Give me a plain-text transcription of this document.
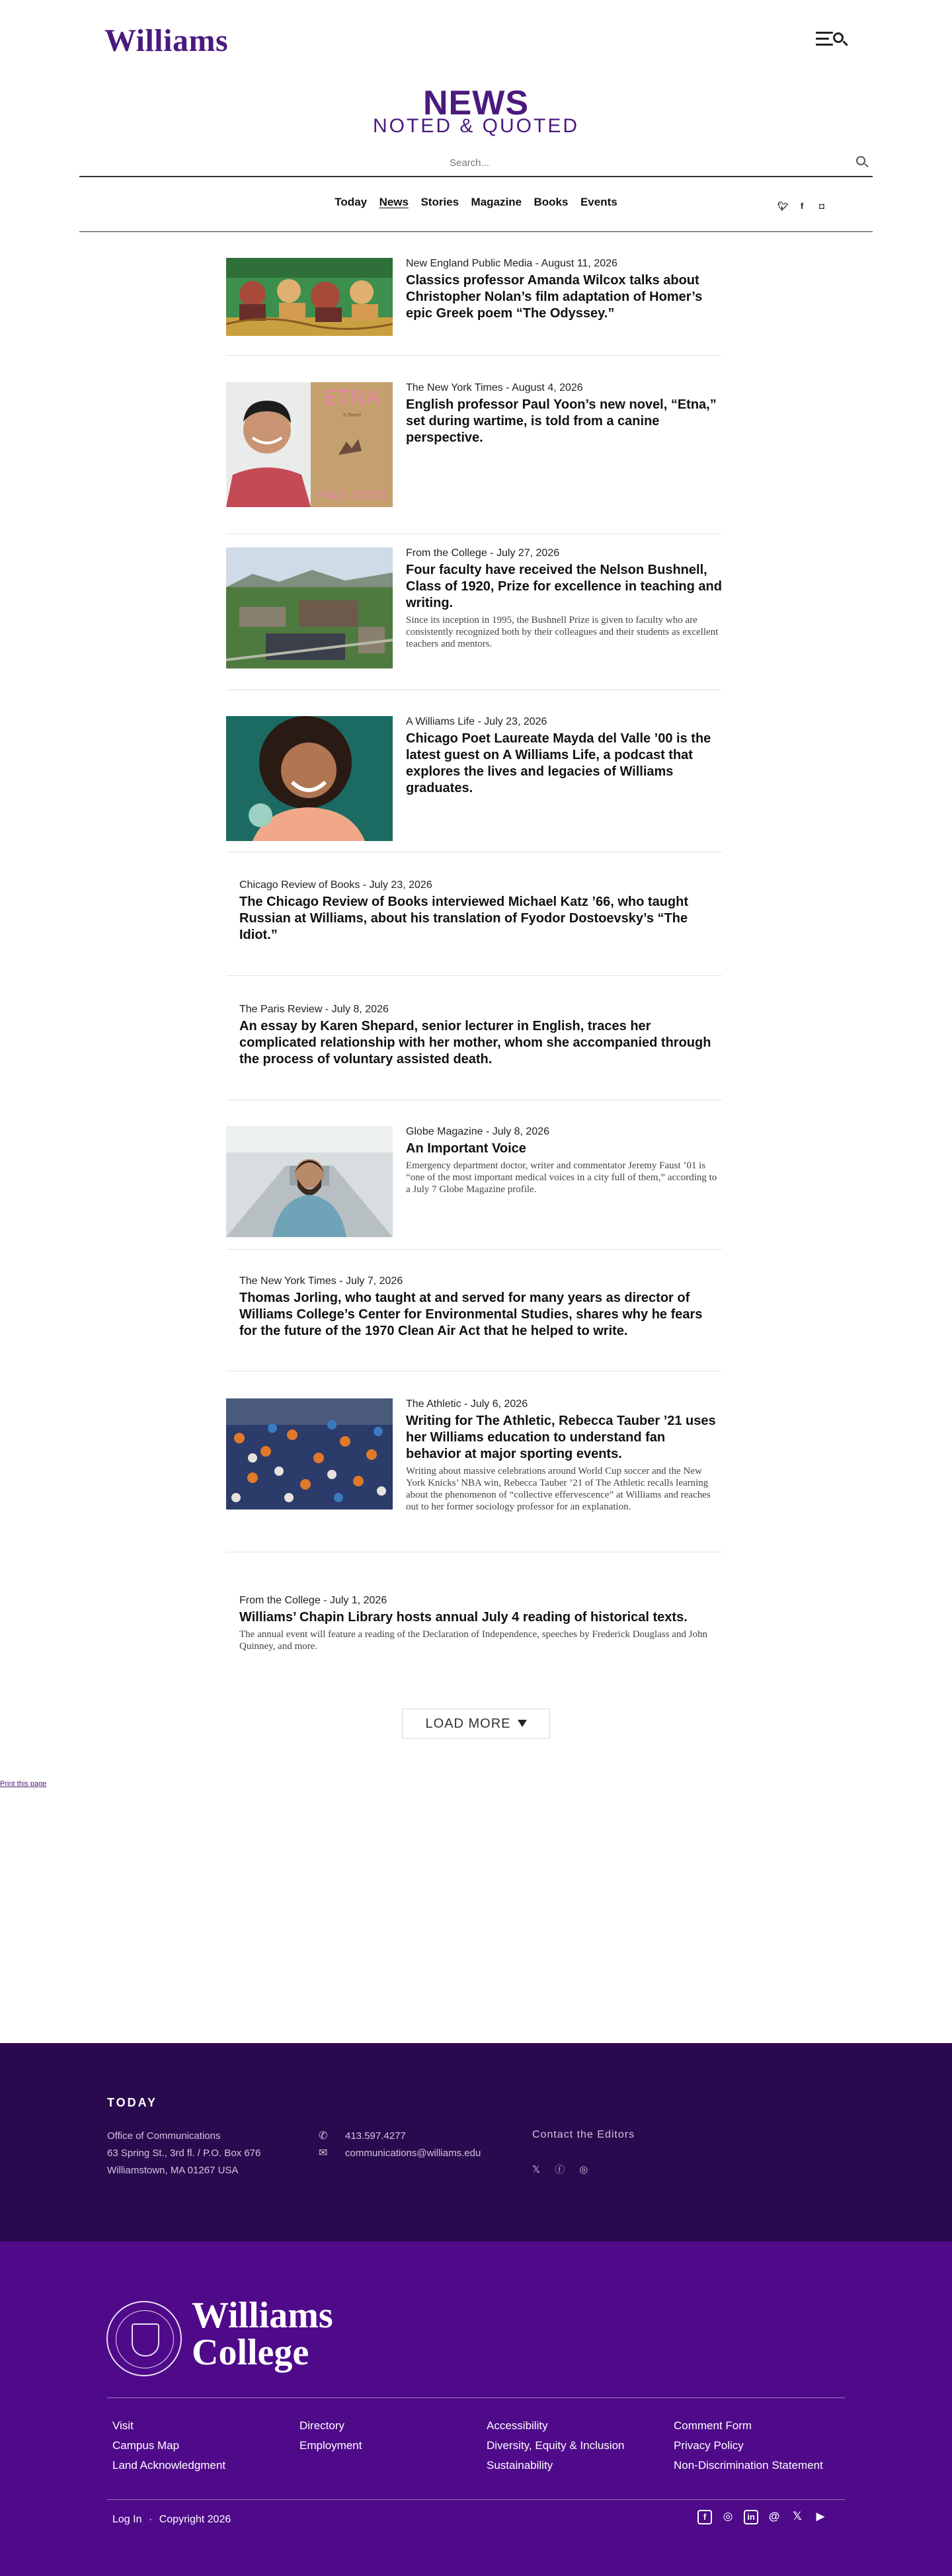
Williams
NEWS
NOTED & QUOTED
Search...
Today News Stories Magazine Books Events	🐦︎ f ◘
New England Public Media - August 11, 2026
Classics professor Amanda Wilcox talks about Christopher Nolan’s film adaptation of Homer’s epic Greek poem “The Odyssey.”
ETNA
A Novel
PAUL YOON
The New York Times - August 4, 2026
English professor Paul Yoon’s new novel, “Etna,” set during wartime, is told from a canine perspective.
From the College - July 27, 2026
Four faculty have received the Nelson Bushnell, Class of 1920, Prize for excellence in teaching and writing.
Since its inception in 1995, the Bushnell Prize is given to faculty who are consistently recognized both by their colleagues and their students as excellent teachers and mentors.
A Williams Life - July 23, 2026
Chicago Poet Laureate Mayda del Valle ’00 is the latest guest on A Williams Life, a podcast that explores the lives and legacies of Williams graduates.
Chicago Review of Books - July 23, 2026
The Chicago Review of Books interviewed Michael Katz ’66, who taught Russian at Williams, about his translation of Fyodor Dostoevsky’s “The Idiot.”
The Paris Review - July 8, 2026
An essay by Karen Shepard, senior lecturer in English, traces her complicated relationship with her mother, whom she accompanied through the process of voluntary assisted death.
Globe Magazine - July 8, 2026
An Important Voice
Emergency department doctor, writer and commentator Jeremy Faust ’01 is “one of the most important medical voices in a city full of them,” according to a July 7 Globe Magazine profile.
The New York Times - July 7, 2026
Thomas Jorling, who taught at and served for many years as director of Williams College’s Center for Environmental Studies, shares why he fears for the future of the 1970 Clean Air Act that he helped to write.
The Athletic - July 6, 2026
Writing for The Athletic, Rebecca Tauber ’21 uses her Williams education to understand fan behavior at major sporting events.
Writing about massive celebrations around World Cup soccer and the New York Knicks’ NBA win, Rebecca Tauber ’21 of The Athletic recalls learning about the phenomenon of “collective effervescence” at Williams and reaches out to her former sociology professor for an explanation.
From the College - July 1, 2026
Williams’ Chapin Library hosts annual July 4 reading of historical texts.
The annual event will feature a reading of the Declaration of Independence, speeches by Frederick Douglass and John Quinney, and more.
LOAD MORE
Print this page
TODAY
Office of Communications
63 Spring St., 3rd fl. / P.O. Box 676
Williamstown, MA 01267 USA
✆ 413.597.4277
✉ communications@williams.edu
Contact the Editors
𝕏 ⓕ ◎
Williams
College
Visit
Campus Map
Land Acknowledgment
Directory
Employment
Accessibility
Diversity, Equity & Inclusion
Sustainability
Comment Form
Privacy Policy
Non-Discrimination Statement
Log In · Copyright 2026	f ◎ in @ 𝕏 ▶
